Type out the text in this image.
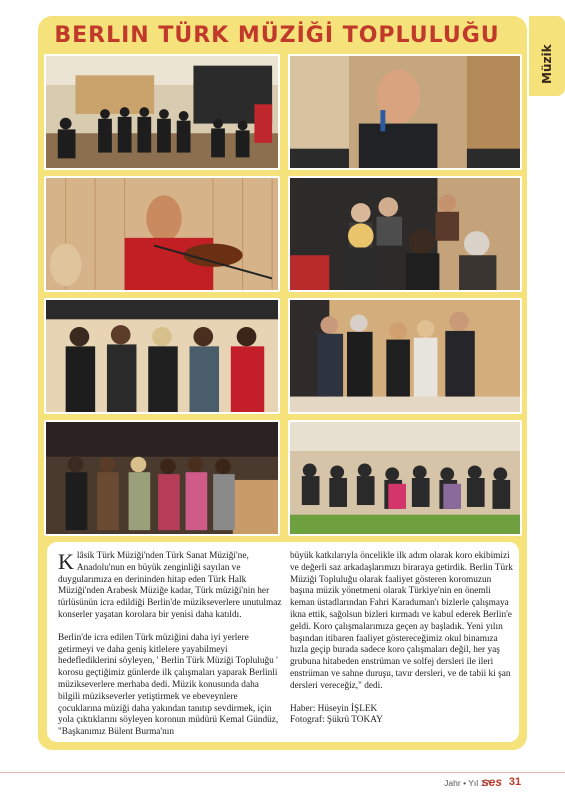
Müzik
BERLIN TÜRK MÜZİĞİ TOPLULUĞU

Klâsik Türk Müziği'nden Türk Sanat Müziği'ne, Anadolu'nun en büyük zenginliği sayılan ve duygularımıza en derininden hitap eden Türk Halk Müziği'nden Arabesk Müziğe kadar, Türk müziği'nin her türlüsünün icra edildiği Berlin'de müzikseverlere unutulmaz konserler yaşatan korolara bir yenisi daha katıldı.

Berlin'de icra edilen Türk müziğini daha iyi yerlere getirmeyi ve daha geniş kitlelere yayabilmeyi hedeflediklerini söyleyen, ' Berlin Türk Müziği Topluluğu ' korosu geçtiğimiz günlerde ilk çalışmaları yaparak Berlinli müzikseverlere merhaba dedi. Müzik konusunda daha bilgili müzikseverler yetiştirmek ve ebeveynlere çocuklarına müziği daha yakından tanıtıp sevdirmek, için yola çıktıklarını söyleyen koronun müdürü Kemal Gündüz, "Başkanımız Bülent Burma'nın

büyük katkılarıyla öncelikle ilk adım olarak koro ekibimizi ve değerli saz arkadaşlarımızı biraraya getirdik. Berlin Türk Müziği Topluluğu olarak faaliyet gösteren koromuzun başına müzik yönetmeni olarak Türkiye'nin en önemli keman üstadlarından Fahri Karaduman'ı bizlerle çalışmaya ikna ettik, sağolsun bizleri kırmadı ve kabul ederek Berlin'e geldi. Koro çalışmalarımıza geçen ay başladık. Yeni yılın başından itibaren faaliyet göstereceğimiz okul binamıza hızla geçip burada sadece koro çalışmaları değil, her yaş grubuna hitabeden enstrüman ve solfej dersleri ile ileri enstrüman ve sahne duruşu, tavır dersleri, ve de tabii ki şan dersleri vereceğiz," dedi.

Haber: Hüseyin İŞLEK
Fotograf: Şükrü TOKAY
Jahr • Yıl 17
ses 31
